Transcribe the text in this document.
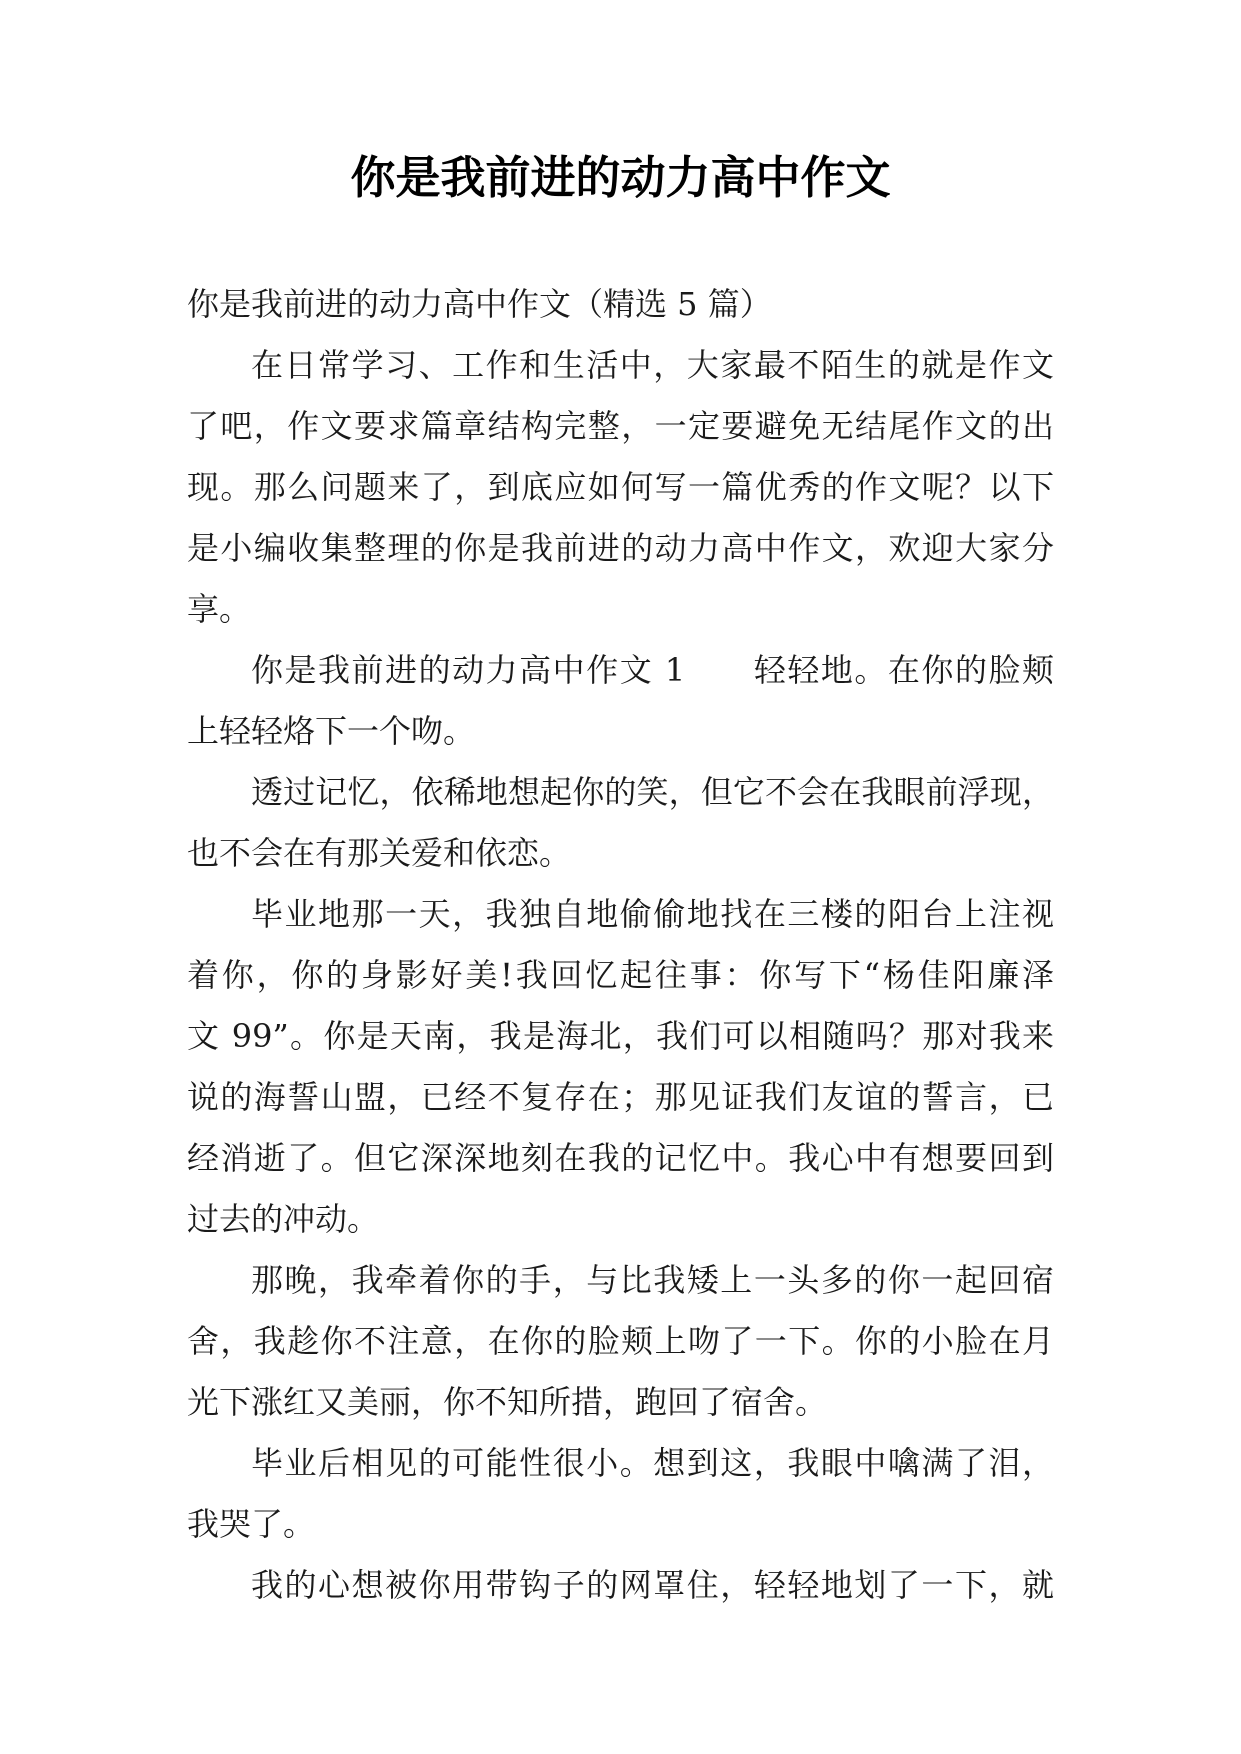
你是我前进的动力高中作文
你是我前进的动力高中作文（精选 5 篇）
在日常学习、工作和生活中，大家最不陌生的就是作文
了吧，作文要求篇章结构完整，一定要避免无结尾作文的出
现。那么问题来了，到底应如何写一篇优秀的作文呢？以下
是小编收集整理的你是我前进的动力高中作文，欢迎大家分
享。
你是我前进的动力高中作文 1　　轻轻地。在你的脸颊
上轻轻烙下一个吻。
透过记忆，依稀地想起你的笑，但它不会在我眼前浮现，
也不会在有那关爱和依恋。
毕业地那一天，我独自地偷偷地找在三楼的阳台上注视
着你，你的身影好美!我回忆起往事：你写下“杨佳阳廉泽
文 99”。你是天南，我是海北，我们可以相随吗？那对我来
说的海誓山盟，已经不复存在；那见证我们友谊的誓言，已
经消逝了。但它深深地刻在我的记忆中。我心中有想要回到
过去的冲动。
那晚，我牵着你的手，与比我矮上一头多的你一起回宿
舍，我趁你不注意，在你的脸颊上吻了一下。你的小脸在月
光下涨红又美丽，你不知所措，跑回了宿舍。
毕业后相见的可能性很小。想到这，我眼中噙满了泪，
我哭了。
我的心想被你用带钩子的网罩住，轻轻地划了一下，就
